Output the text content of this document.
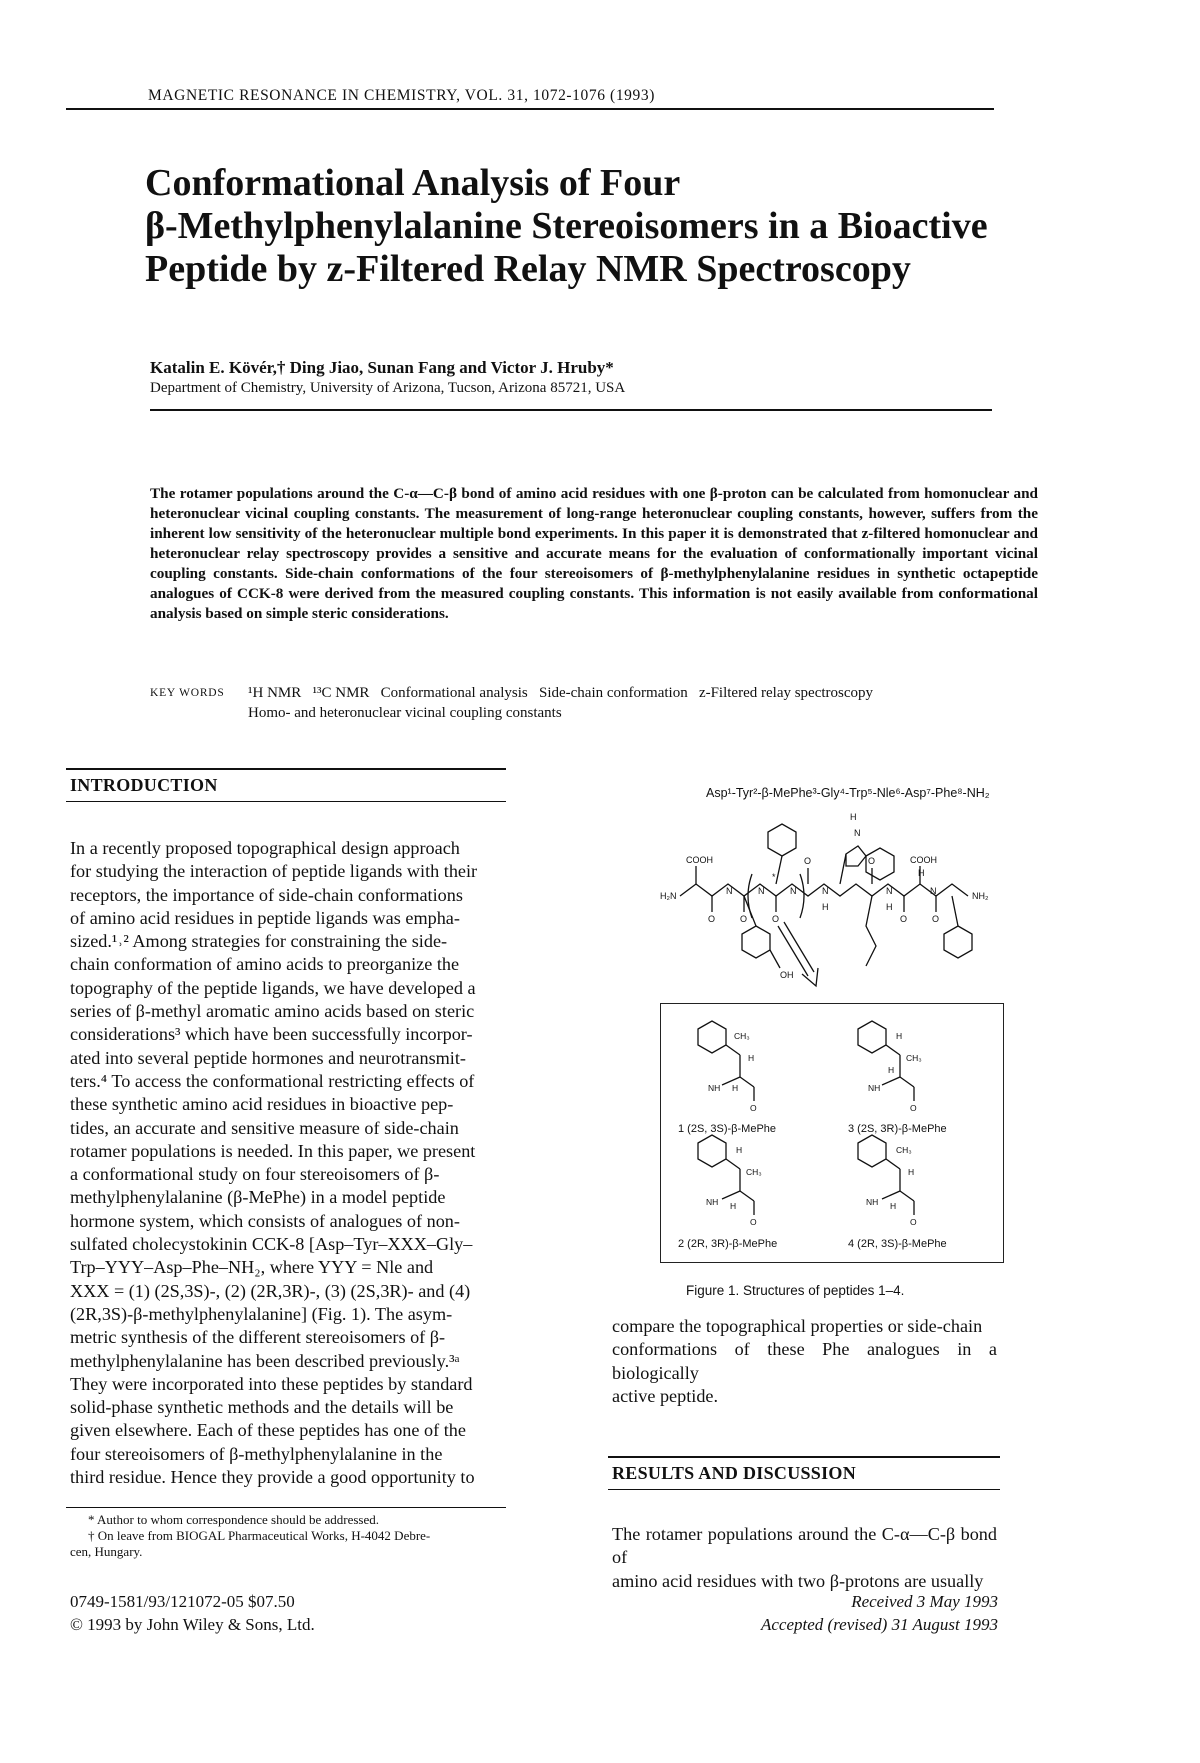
MAGNETIC RESONANCE IN CHEMISTRY, VOL. 31, 1072-1076 (1993)
Conformational Analysis of Four
β-Methylphenylalanine Stereoisomers in a Bioactive
Peptide by z-Filtered Relay NMR Spectroscopy
Katalin E. Kövér,† Ding Jiao, Sunan Fang and Victor J. Hruby*
Department of Chemistry, University of Arizona, Tucson, Arizona 85721, USA
The rotamer populations around the C-α—C-β bond of amino acid residues with one β-proton can be calculated from homonuclear and heteronuclear vicinal coupling constants. The measurement of long-range heteronuclear coupling constants, however, suffers from the inherent low sensitivity of the heteronuclear multiple bond experiments. In this paper it is demonstrated that z-filtered homonuclear and heteronuclear relay spectroscopy provides a sensitive and accurate means for the evaluation of conformationally important vicinal coupling constants. Side-chain conformations of the four stereoisomers of β-methylphenylalanine residues in synthetic octapeptide analogues of CCK-8 were derived from the measured coupling constants. This information is not easily available from conformational analysis based on simple steric considerations.
KEY WORDS ¹H NMR   ¹³C NMR   Conformational analysis   Side-chain conformation   z-Filtered relay spectroscopy
Homo- and heteronuclear vicinal coupling constants
INTRODUCTION
In a recently proposed topographical design approach
for studying the interaction of peptide ligands with their
receptors, the importance of side-chain conformations
of amino acid residues in peptide ligands was empha-
sized.¹˒² Among strategies for constraining the side-
chain conformation of amino acids to preorganize the
topography of the peptide ligands, we have developed a
series of β-methyl aromatic amino acids based on steric
considerations³ which have been successfully incorpor-
ated into several peptide hormones and neurotransmit-
ters.⁴ To access the conformational restricting effects of
these synthetic amino acid residues in bioactive pep-
tides, an accurate and sensitive measure of side-chain
rotamer populations is needed. In this paper, we present
a conformational study on four stereoisomers of β-
methylphenylalanine (β-MePhe) in a model peptide
hormone system, which consists of analogues of non-
sulfated cholecystokinin CCK-8 [Asp–Tyr–XXX–Gly–
Trp–YYY–Asp–Phe–NH₂, where YYY = Nle and
XXX = (1) (2S,3S)-, (2) (2R,3R)-, (3) (2S,3R)- and (4)
(2R,3S)-β-methylphenylalanine] (Fig. 1). The asym-
metric synthesis of the different stereoisomers of β-
methylphenylalanine has been described previously.³ᵃ
They were incorporated into these peptides by standard
solid-phase synthetic methods and the details will be
given elsewhere. Each of these peptides has one of the
four stereoisomers of β-methylphenylalanine in the
third residue. Hence they provide a good opportunity to
* Author to whom correspondence should be addressed.
† On leave from BIOGAL Pharmaceutical Works, H-4042 Debre-
cen, Hungary.
Asp¹-Tyr²-β-MePhe³-Gly⁴-Trp⁵-Nle⁶-Asp⁷-Phe⁸-NH₂
COOH
H₂N
O
N
O
N
*
O
N
O
H
N
N
H
O
N
H
O
COOH
H
N
O
NH₂
OH
CH₃
H
NH H
O
H
CH₃
H
NH
O
H
CH₃
NH H
O
CH₃
H
NH H
O
1 (2S, 3S)-β-MePhe	3 (2S, 3R)-β-MePhe
2 (2R, 3R)-β-MePhe	4 (2R, 3S)-β-MePhe
Figure 1. Structures of peptides 1–4.
compare the topographical properties or side-chain
conformations of these Phe analogues in a biologically
active peptide.
RESULTS AND DISCUSSION
The rotamer populations around the C-α—C-β bond of
amino acid residues with two β-protons are usually
0749-1581/93/121072-05 $07.50
© 1993 by John Wiley & Sons, Ltd.
Received 3 May 1993
Accepted (revised) 31 August 1993
